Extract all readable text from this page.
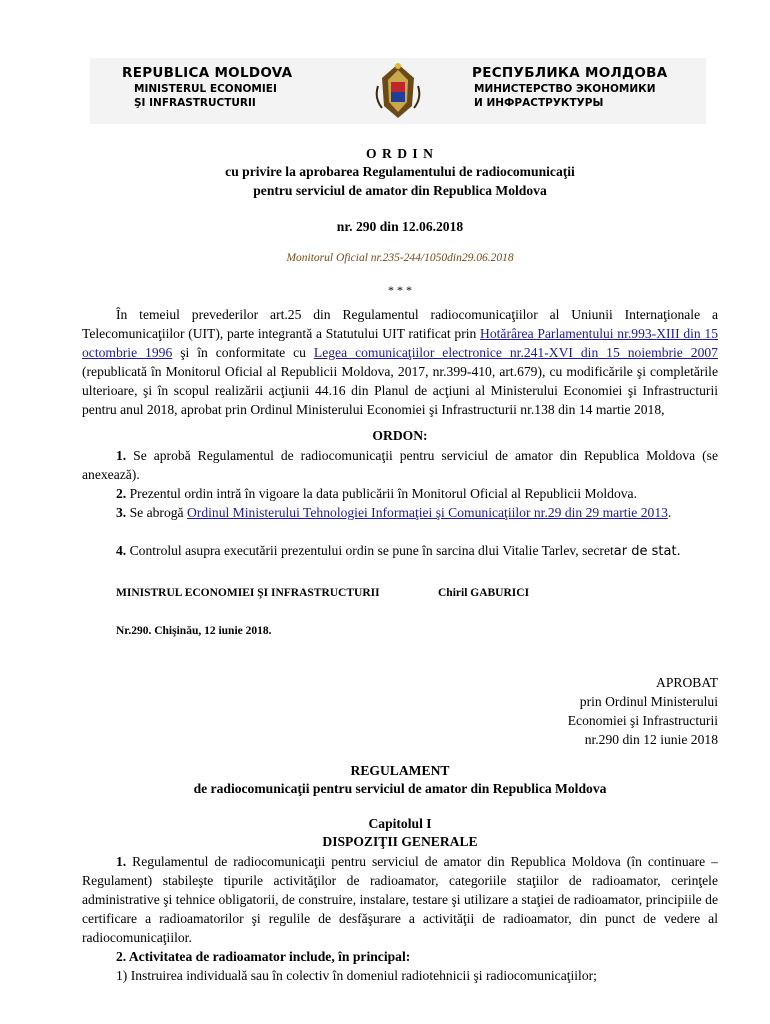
REPUBLICA MOLDOVA
MINISTERUL ECONOMIEI
ŞI INFRASTRUCTURII
РЕСПУБЛИКА МОЛДОВА
МИНИСТЕРСТВО ЭКОНОМИКИ
И ИНФРАСТРУКТУРЫ
O R D I N
cu privire la aprobarea Regulamentului de radiocomunicaţii
pentru serviciul de amator din Republica Moldova
nr. 290 din 12.06.2018
Monitorul Oficial nr.235-244/1050din29.06.2018
* * *
În temeiul prevederilor art.25 din Regulamentul radiocomunicaţiilor al Uniunii Internaţionale a Telecomunicaţiilor (UIT), parte integrantă a Statutului UIT ratificat prin Hotărârea Parlamentului nr.993-XIII din 15 octombrie 1996 şi în conformitate cu Legea comunicaţiilor electronice nr.241-XVI din 15 noiembrie 2007 (republicată în Monitorul Oficial al Republicii Moldova, 2017, nr.399-410, art.679), cu modificările şi completările ulterioare, şi în scopul realizării acţiunii 44.16 din Planul de acţiuni al Ministerului Economiei şi Infrastructurii pentru anul 2018, aprobat prin Ordinul Ministerului Economiei şi Infrastructurii nr.138 din 14 martie 2018,
ORDON:
1. Se aprobă Regulamentul de radiocomunicaţii pentru serviciul de amator din Republica Moldova (se anexează).
2. Prezentul ordin intră în vigoare la data publicării în Monitorul Oficial al Republicii Moldova.
3. Se abrogă Ordinul Ministerului Tehnologiei Informaţiei şi Comunicaţiilor nr.29 din 29 martie 2013.
4. Controlul asupra executării prezentului ordin se pune în sarcina dlui Vitalie Tarlev, secretar de stat.
MINISTRUL ECONOMIEI ŞI INFRASTRUCTURII	Chiril GABURICI
Nr.290. Chişinău, 12 iunie 2018.
APROBAT
prin Ordinul Ministerului
Economiei şi Infrastructurii
nr.290 din 12 iunie 2018
REGULAMENT
de radiocomunicaţii pentru serviciul de amator din Republica Moldova
Capitolul I
DISPOZIŢII GENERALE
1. Regulamentul de radiocomunicaţii pentru serviciul de amator din Republica Moldova (în continuare – Regulament) stabileşte tipurile activităţilor de radioamator, categoriile staţiilor de radioamator, cerinţele administrative şi tehnice obligatorii, de construire, instalare, testare şi utilizare a staţiei de radioamator, principiile de certificare a radioamatorilor şi regulile de desfăşurare a activităţii de radioamator, din punct de vedere al radiocomunicaţiilor.
2. Activitatea de radioamator include, în principal:
1) Instruirea individuală sau în colectiv în domeniul radiotehnicii şi radiocomunicaţiilor;
